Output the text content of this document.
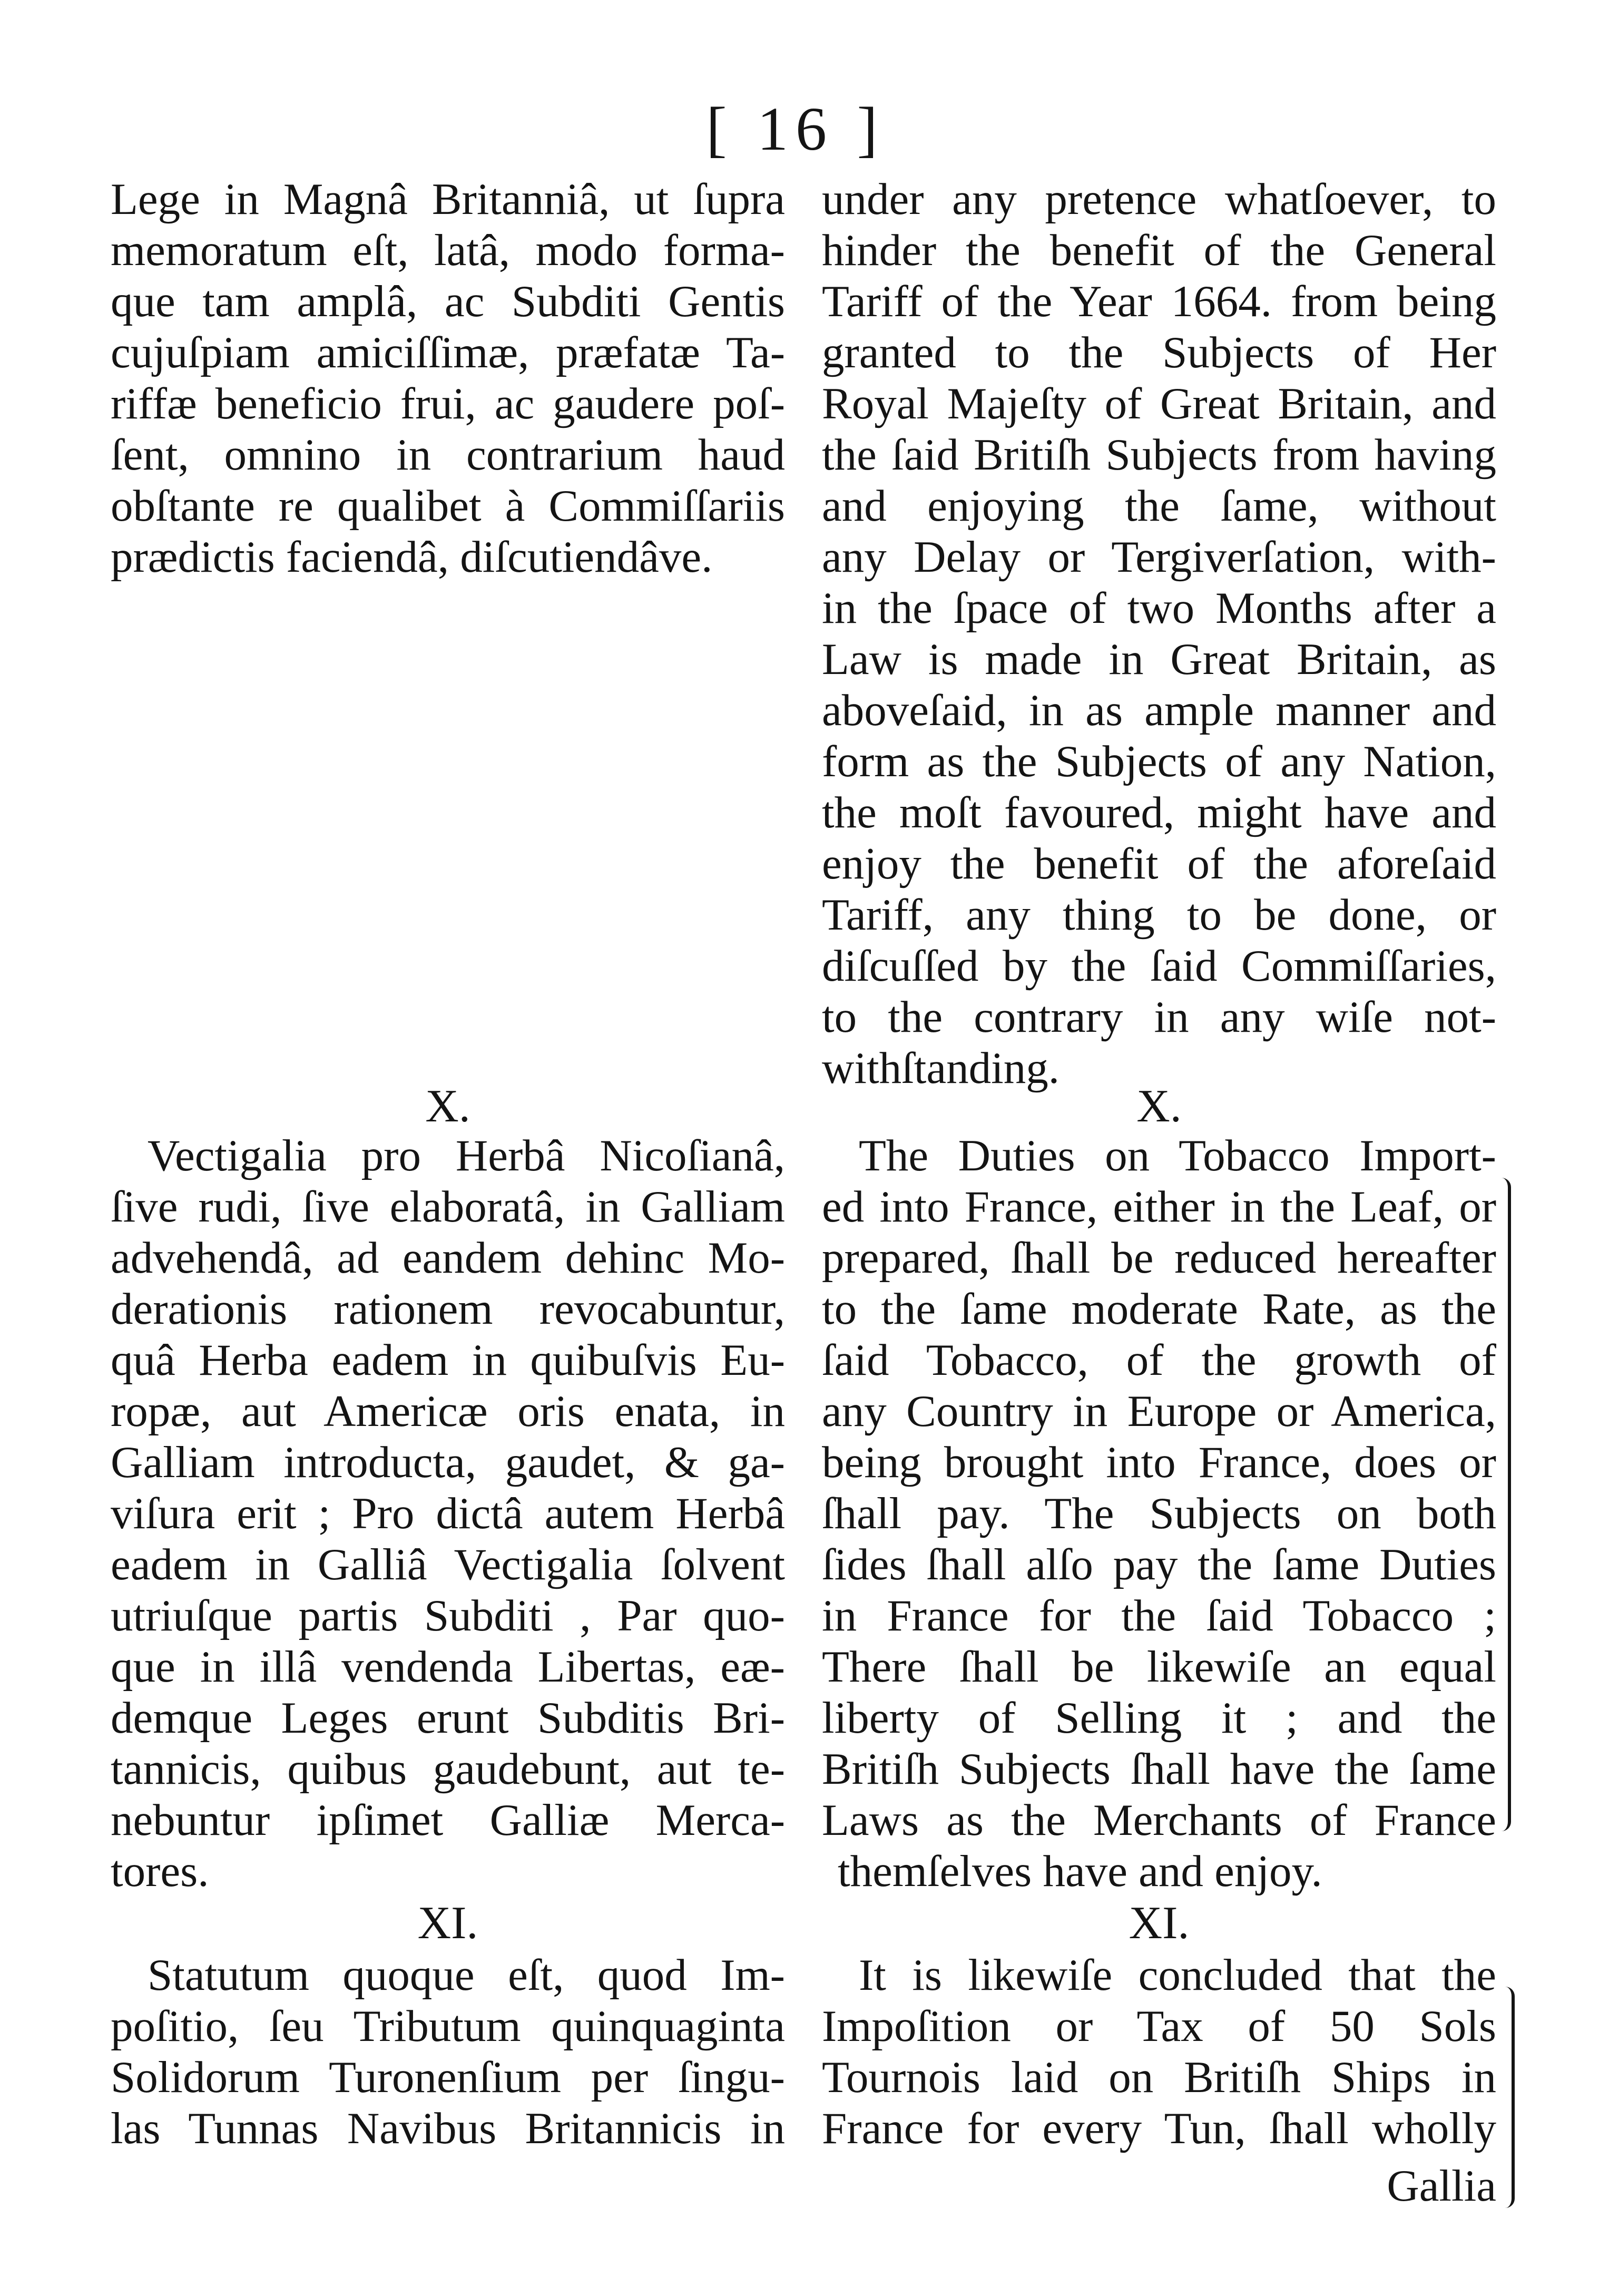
[ 16 ]
Lege in Magnâ Britanniâ, ut ſupra
memoratum eſt, latâ, modo forma-
que tam amplâ, ac Subditi Gentis
cujuſpiam amiciſſimæ, præfatæ Ta-
riffæ beneficio frui, ac gaudere poſ-
ſent, omnino in contrarium haud
obſtante re qualibet à Commiſſariis
prædictis faciendâ, diſcutiendâve.
X.
Vectigalia pro Herbâ Nicoſianâ,
ſive rudi, ſive elaboratâ, in Galliam
advehendâ, ad eandem dehinc Mo-
derationis rationem revocabuntur,
quâ Herba eadem in quibuſvis Eu-
ropæ, aut Americæ oris enata, in
Galliam introducta, gaudet, & ga-
viſura erit ; Pro dictâ autem Herbâ
eadem in Galliâ Vectigalia ſolvent
utriuſque partis Subditi , Par quo-
que in illâ vendenda Libertas, eæ-
demque Leges erunt Subditis Bri-
tannicis, quibus gaudebunt, aut te-
nebuntur ipſimet Galliæ Merca-
tores.
XI.
Statutum quoque eſt, quod Im-
poſitio, ſeu Tributum quinquaginta
Solidorum Turonenſium per ſingu-
las Tunnas Navibus Britannicis in
under any pretence whatſoever, to
hinder the benefit of the General
Tariff of the Year 1664. from being
granted to the Subjects of Her
Royal Majeſty of Great Britain, and
the ſaid Britiſh Subjects from having
and enjoying the ſame, without
any Delay or Tergiverſation, with-
in the ſpace of two Months after a
Law is made in Great Britain, as
aboveſaid, in as ample manner and
form as the Subjects of any Nation,
the moſt favoured, might have and
enjoy the benefit of the aforeſaid
Tariff, any thing to be done, or
diſcuſſed by the ſaid Commiſſaries,
to the contrary in any wiſe not-
withſtanding.
X.
The Duties on Tobacco Import-
ed into France, either in the Leaf, or
prepared, ſhall be reduced hereafter
to the ſame moderate Rate, as the
ſaid Tobacco, of the growth of
any Country in Europe or America,
being brought into France, does or
ſhall pay. The Subjects on both
ſides ſhall alſo pay the ſame Duties
in France for the ſaid Tobacco ;
There ſhall be likewiſe an equal
liberty of Selling it ; and the
Britiſh Subjects ſhall have the ſame
Laws as the Merchants of France
themſelves have and enjoy.
XI.
It is likewiſe concluded that the
Impoſition or Tax of 50 Sols
Tournois laid on Britiſh Ships in
France for every Tun, ſhall wholly
Gallia
